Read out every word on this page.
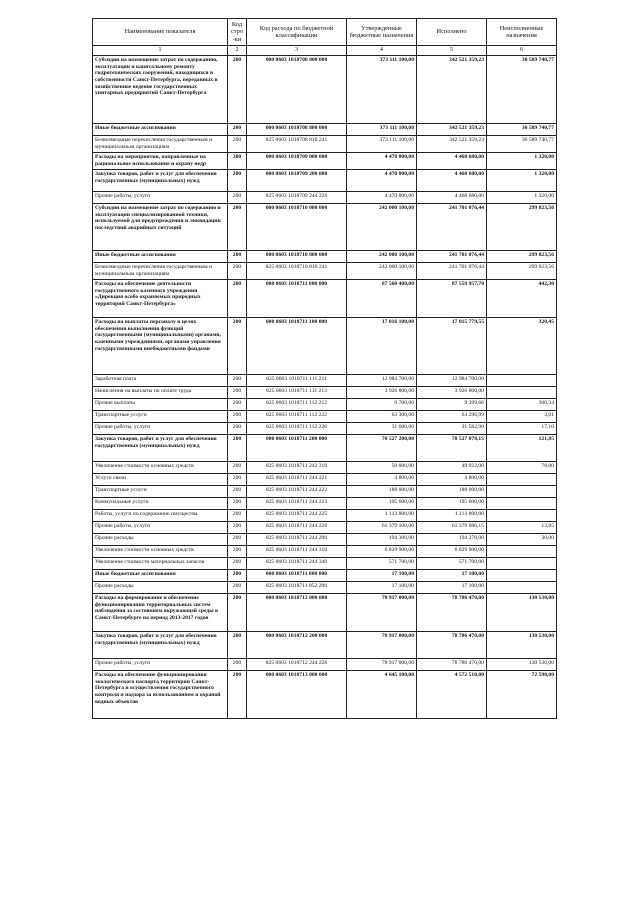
Наименование показателя	Код стро-ки	Код расхода по бюджетной классификации	Утвержденные бюджетные назначения	Исполнено	Неисполненные назначения
1	2	3	4	5	6
Субсидии на возмещение затрат по содержанию, эксплуатации и капитальному ремонту гидротехнических сооружений, находящихся в собственности Санкт-Петербурга, переданных в хозяйственное ведение государственных унитарных предприятий Санкт-Петербурга	200	000 0603 1018708 000 000	373 111 100,00	342 521 359,23	30 589 740,77
Иные бюджетные ассигнования	200	000 0603 1018708 800 000	373 111 100,00	342 521 359,23	30 589 740,77
Безвозмездные перечисления государственным и муниципальным организациям	200	825 0603 1018708 810 241	373 111 100,00	342 521 359,23	30 589 740,77
Расходы на мероприятия, направленные на рациональное использование и охрану недр	200	000 0603 1018709 000 000	4 470 000,00	4 468 680,00	1 320,00
Закупка товаров, работ и услуг для обеспечения государственных (муниципальных) нужд	200	000 0603 1018709 200 000	4 470 000,00	4 468 680,00	1 320,00
Прочие работы, услуги	200	825 0603 1018709 244 226	4 470 000,00	4 468 680,00	1 320,00
Субсидии на возмещение затрат по содержанию и эксплуатации специализированной техники, используемой для предупреждения и ликвидации последствий аварийных ситуаций	200	000 0603 1018710 000 000	242 000 100,00	241 701 076,44	299 023,56
Иные бюджетные ассигнования	200	000 0603 1018710 800 000	242 000 100,00	241 701 076,44	299 023,56
Безвозмездные перечисления государственным и муниципальным организациям	200	825 0603 1018710 810 241	242 000 100,00	241 701 076,44	299 023,56
Расходы на обеспечение деятельности государственного казенного учреждения «Дирекция особо охраняемых природных территорий Санкт-Петербурга»	200	000 0603 1018711 000 000	87 560 400,00	87 559 957,70	442,30
Расходы на выплаты персоналу в целях обеспечения выполнения функций государственными (муниципальными) органами, казенными учреждениями, органами управления государственными внебюджетными фондами	200	000 0603 1018711 100 000	17 016 100,00	17 015 779,55	320,45
Заработная плата	200	825 0603 1018711 111 211	12 984 700,00	12 984 700,00	
Начисления на выплаты по оплате труда	200	825 0603 1018711 111 213	3 926 800,00	3 926 800,00	
Прочие выплаты	200	825 0603 1018711 112 212	9 700,00	9 399,66	300,34
Транспортные услуги	200	825 0603 1018711 112 222	63 300,00	63 296,99	3,01
Прочие работы, услуги	200	825 0603 1018711 112 226	31 600,00	31 582,90	17,10
Закупка товаров, работ и услуг для обеспечения государственных (муниципальных) нужд	200	000 0603 1018711 200 000	70 527 200,00	70 527 078,15	121,85
Увеличение стоимости основных средств	200	825 0603 1018711 242 310	50 000,00	49 922,00	78,00
Услуги связи	200	825 0603 1018711 244 221	4 800,00	4 800,00	
Транспортные услуги	200	825 0603 1018711 244 222	188 000,00	188 000,00	
Коммунальные услуги	200	825 0603 1018711 244 223	195 600,00	195 600,00	
Работы, услуги по содержанию имущества	200	825 0603 1018711 244 225	1 113 800,00	1 113 800,00	
Прочие работы, услуги	200	825 0603 1018711 244 226	61 379 100,00	61 379 086,15	13,85
Прочие расходы	200	825 0603 1018711 244 290	194 300,00	194 270,00	30,00
Увеличение стоимости основных средств	200	825 0603 1018711 244 310	6 829 900,00	6 829 900,00	
Увеличение стоимости материальных запасов	200	825 0603 1018711 244 340	571 700,00	571 700,00	
Иные бюджетные ассигнования	200	000 0603 1018711 800 000	17 100,00	17 100,00	
Прочие расходы	200	825 0603 1018711 852 290	17 100,00	17 100,00	
Расходы на формирование и обеспечение функционирования территориальных систем наблюдения за состоянием окружающей среды в Санкт-Петербурге на период 2013-2017 годов	200	000 0603 1018712 000 000	78 917 000,00	78 786 470,00	130 530,00
Закупка товаров, работ и услуг для обеспечения государственных (муниципальных) нужд	200	000 0603 1018712 200 000	78 917 000,00	78 786 470,00	130 530,00
Прочие работы, услуги	200	825 0603 1018712 244 226	78 917 000,00	78 786 470,00	130 530,00
Расходы на обеспечение функционирования экологического паспорта территории Санкт-Петербурга и осуществления государственного контроля и надзора за использованием и охраной водных объектов	200	000 0603 1018713 000 000	4 645 100,00	4 572 510,00	72 590,00
